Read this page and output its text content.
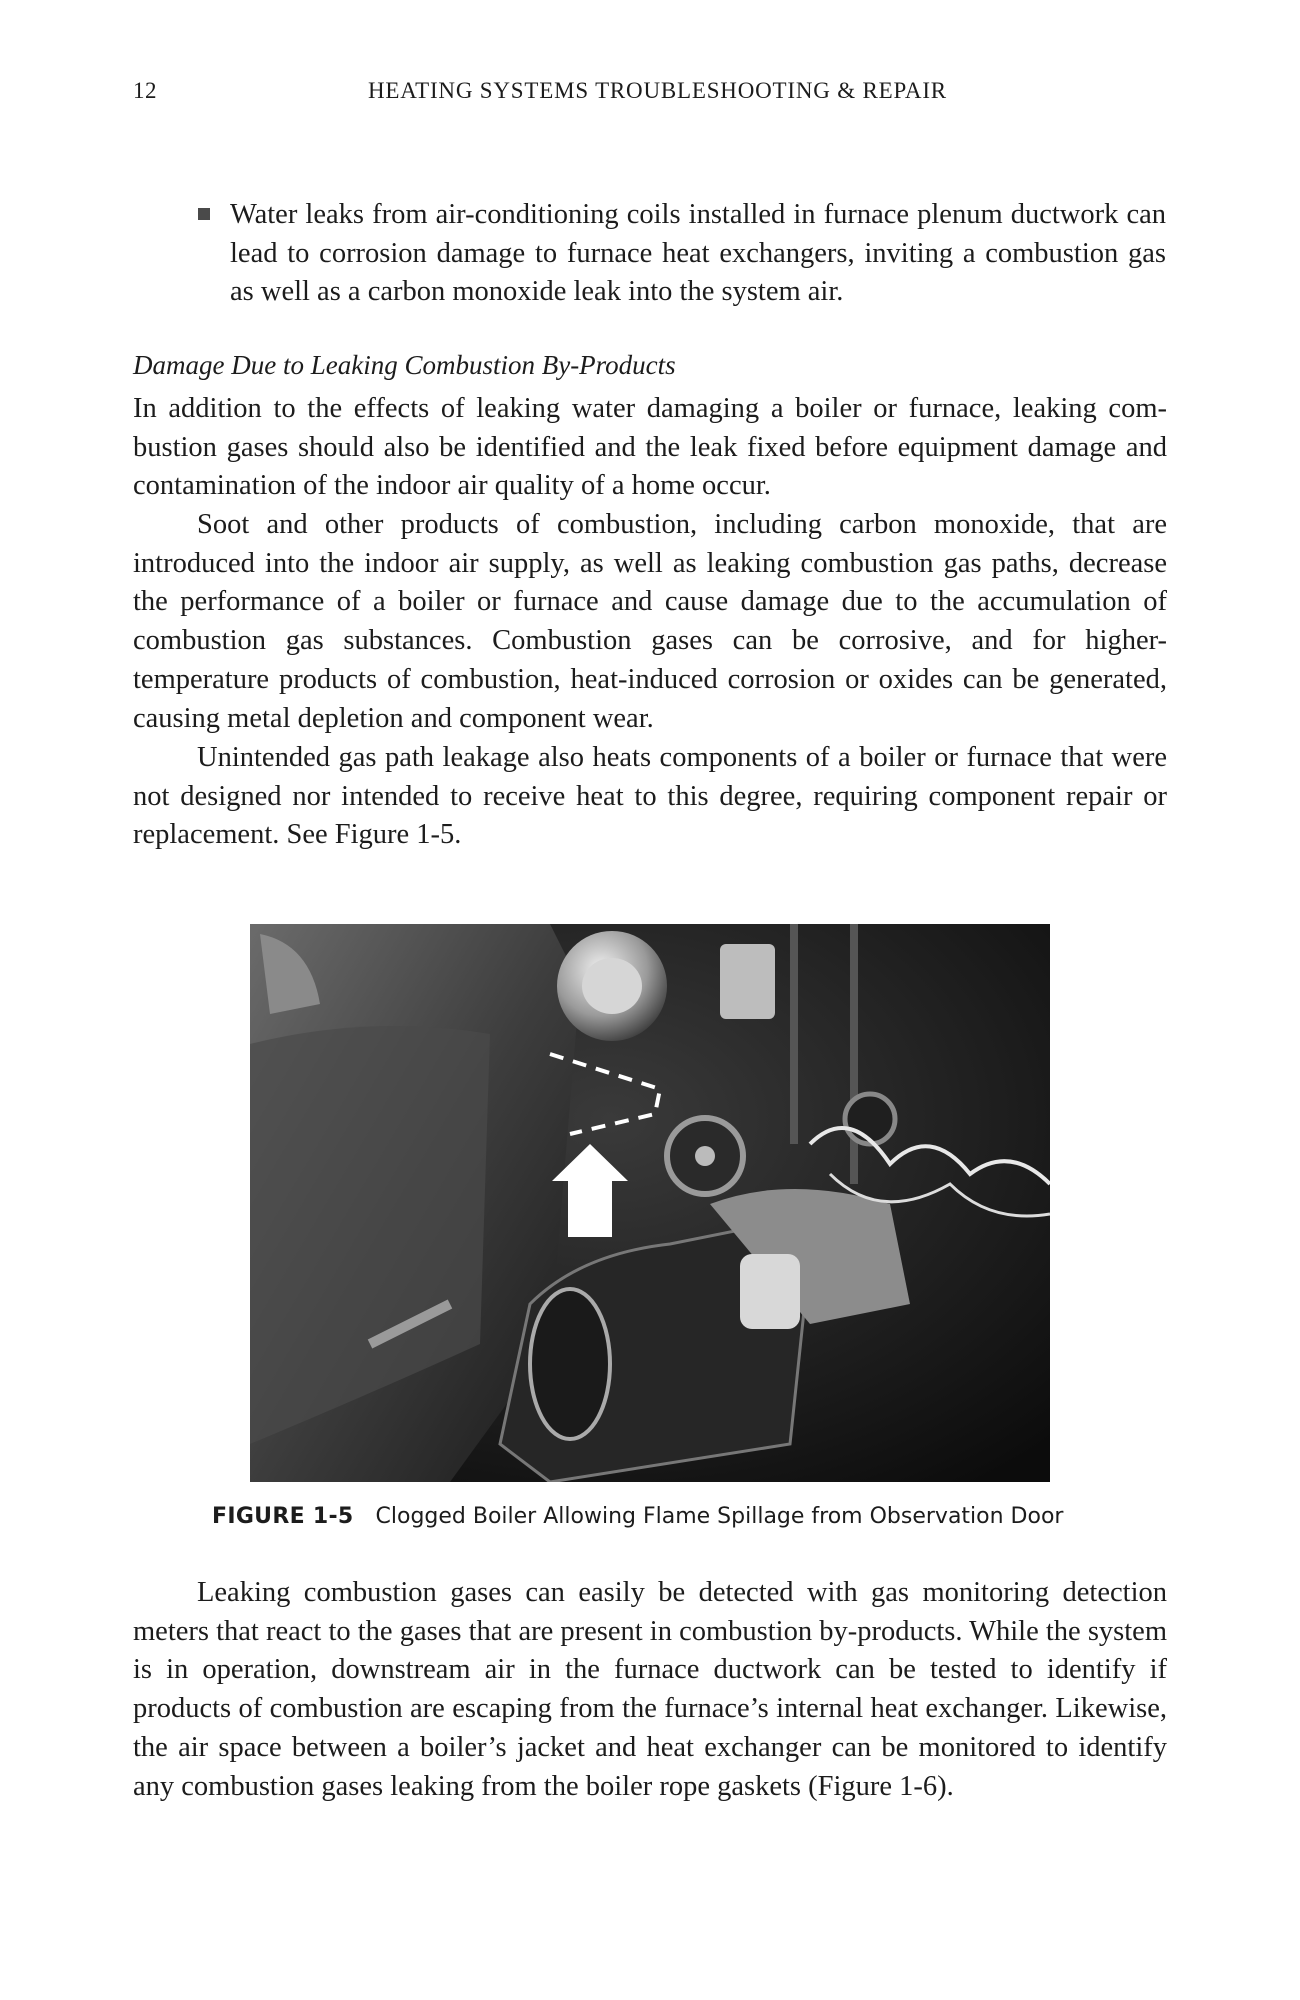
12	HEATING SYSTEMS TROUBLESHOOTING & REPAIR

Water leaks from air-conditioning coils installed in furnace plenum ductwork can lead to corrosion damage to furnace heat exchangers, inviting a combustion gas as well as a carbon monoxide leak into the system air.

Damage Due to Leaking Combustion By-Products

In addition to the effects of leaking water damaging a boiler or furnace, leaking combustion gases should also be identified and the leak fixed before equipment damage and contamination of the indoor air quality of a home occur.

Soot and other products of combustion, including carbon monoxide, that are introduced into the indoor air supply, as well as leaking combustion gas paths, decrease the performance of a boiler or furnace and cause damage due to the accumulation of combustion gas substances. Combustion gases can be corrosive, and for higher-temperature products of combustion, heat-induced corrosion or oxides can be generated, causing metal depletion and component wear.

Unintended gas path leakage also heats components of a boiler or furnace that were not designed nor intended to receive heat to this degree, requiring component repair or replacement. See Figure 1-5.

FIGURE 1-5 Clogged Boiler Allowing Flame Spillage from Observation Door

Leaking combustion gases can easily be detected with gas monitoring detection meters that react to the gases that are present in combustion by-products. While the system is in operation, downstream air in the furnace ductwork can be tested to identify if products of combustion are escaping from the furnace’s internal heat exchanger. Likewise, the air space between a boiler’s jacket and heat exchanger can be monitored to identify any combustion gases leaking from the boiler rope gaskets (Figure 1-6).
